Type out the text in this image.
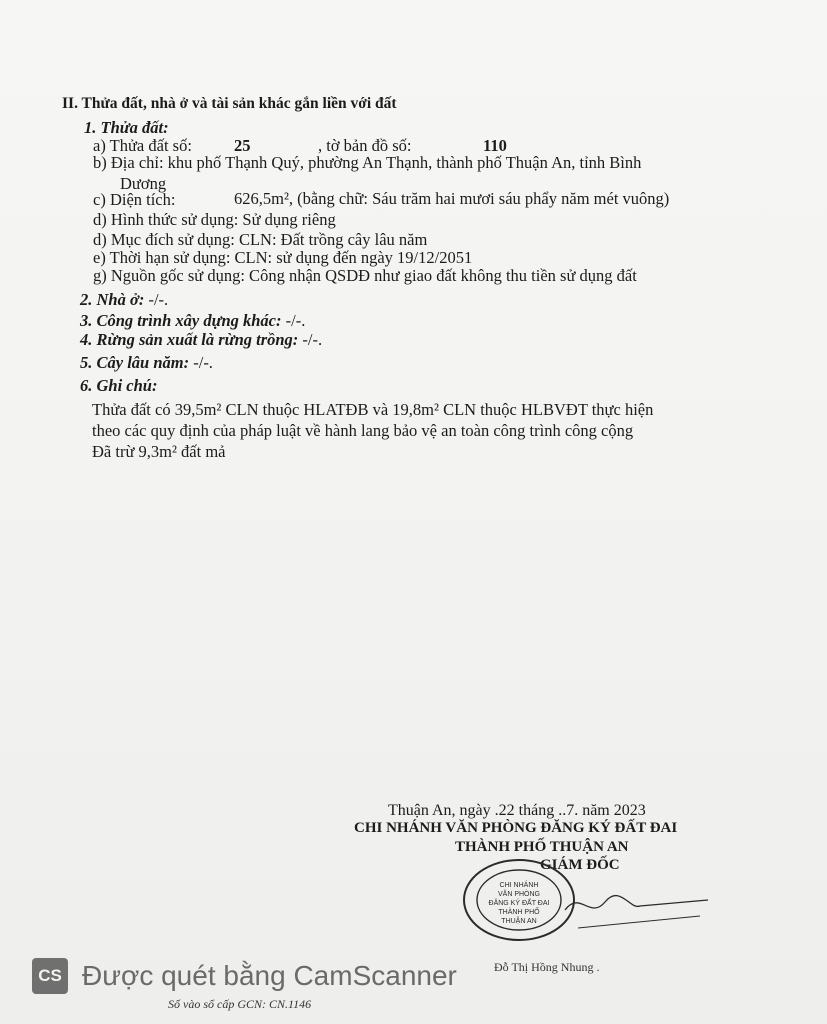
II. Thửa đất, nhà ở và tài sản khác gắn liền với đất
1. Thửa đất:
a) Thửa đất số:	25	, tờ bản đồ số:	110
b) Địa chỉ: khu phố Thạnh Quý, phường An Thạnh, thành phố Thuận An, tỉnh Bình
Dương
c) Diện tích:	626,5m², (bằng chữ: Sáu trăm hai mươi sáu phẩy năm mét vuông)
d) Hình thức sử dụng: Sử dụng riêng
d) Mục đích sử dụng: CLN: Đất trồng cây lâu năm
e) Thời hạn sử dụng: CLN: sử dụng đến ngày 19/12/2051
g) Nguồn gốc sử dụng: Công nhận QSDĐ như giao đất không thu tiền sử dụng đất
2. Nhà ở: -/-.
3. Công trình xây dựng khác: -/-.
4. Rừng sản xuất là rừng trồng: -/-.
5. Cây lâu năm: -/-.
6. Ghi chú:
Thửa đất có 39,5m² CLN thuộc HLATĐB và 19,8m² CLN thuộc HLBVĐT thực hiện
theo các quy định của pháp luật về hành lang bảo vệ an toàn công trình công cộng
Đã trừ 9,3m² đất mả
Thuận An, ngày .22 tháng ..7. năm 2023
CHI NHÁNH VĂN PHÒNG ĐĂNG KÝ ĐẤT ĐAI
THÀNH PHỐ THUẬN AN
GIÁM ĐỐC
CHI NHÁNH
VĂN PHÒNG
ĐĂNG KÝ ĐẤT ĐAI
THÀNH PHỐ
THUẬN AN
Đỗ Thị Hồng Nhung .
CS Được quét bằng CamScanner
Số vào sổ cấp GCN: CN.1146
